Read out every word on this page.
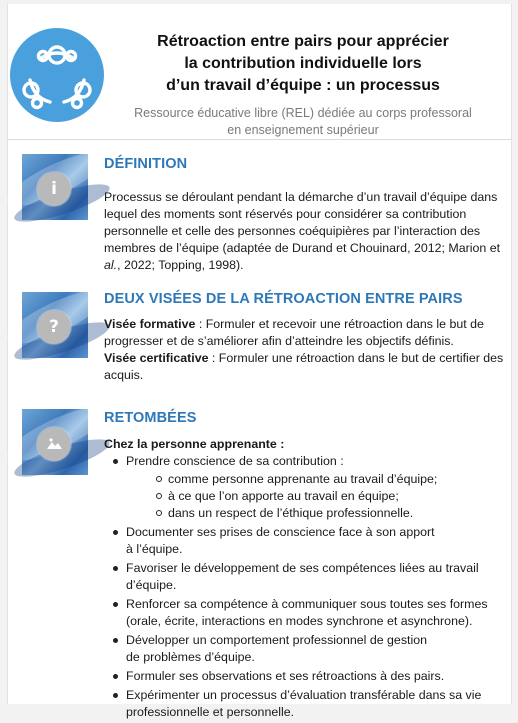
Rétroaction entre pairs pour apprécier
la contribution individuelle lors
d’un travail d’équipe : un processus
Ressource éducative libre (REL) dédiée au corps professoral
en enseignement supérieur
i
DÉFINITION
Processus se déroulant pendant la démarche d’un travail d’équipe dans lequel des moments sont réservés pour considérer sa contribution personnelle et celle des personnes coéquipières par l’interaction des membres de l’équipe (adaptée de Durand et Chouinard, 2012; Marion et al., 2022; Topping, 1998).
?
DEUX VISÉES DE LA RÉTROACTION ENTRE PAIRS
Visée formative : Formuler et recevoir une rétroaction dans le but de progresser et de s’améliorer afin d’atteindre les objectifs définis.
Visée certificative : Formuler une rétroaction dans le but de certifier des acquis.
RETOMBÉES
Chez la personne apprenante :
Prendre conscience de sa contribution :
comme personne apprenante au travail d’équipe;
à ce que l’on apporte au travail en équipe;
dans un respect de l’éthique professionnelle.
Documenter ses prises de conscience face à son apport
à l’équipe.
Favoriser le développement de ses compétences liées au travail d’équipe.
Renforcer sa compétence à communiquer sous toutes ses formes (orale, écrite, interactions en modes synchrone et asynchrone).
Développer un comportement professionnel de gestion
de problèmes d’équipe.
Formuler ses observations et ses rétroactions à des pairs.
Expérimenter un processus d’évaluation transférable dans sa vie professionnelle et personnelle.
